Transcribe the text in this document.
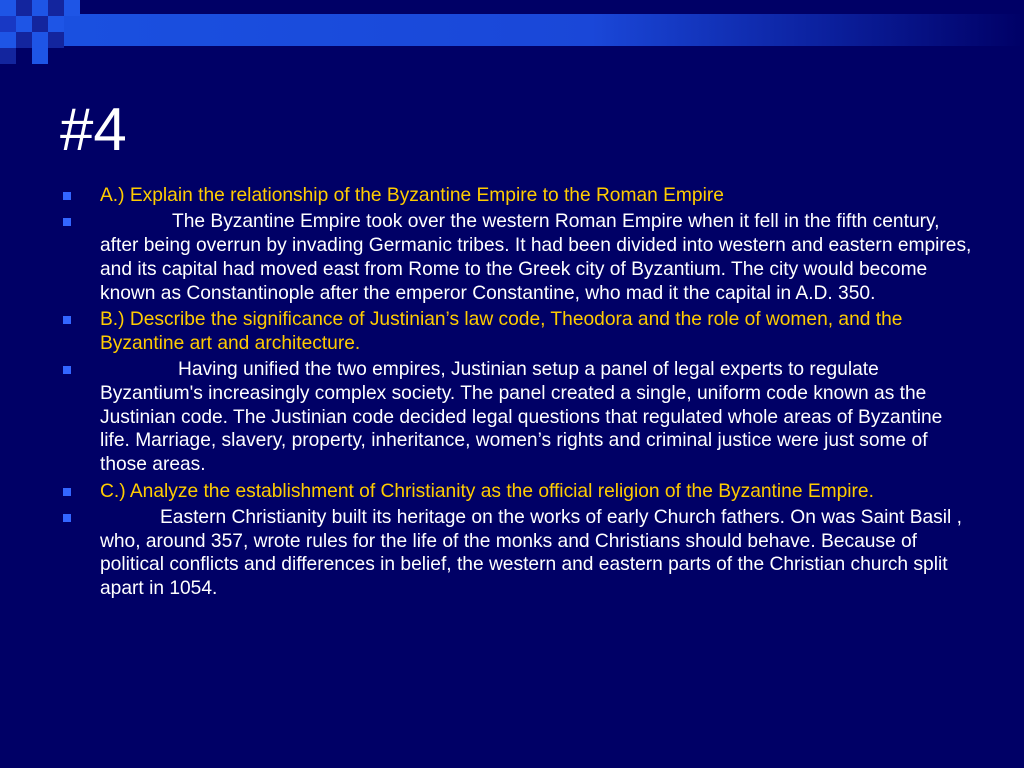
#4
A.) Explain the relationship of the Byzantine Empire to the Roman Empire
The Byzantine Empire took over the western Roman Empire when it fell in the fifth century, after being overrun by invading Germanic tribes. It had been divided into western and eastern empires, and its capital had moved east from Rome to the Greek city of Byzantium. The city would become known as Constantinople after the emperor Constantine, who mad it the capital in A.D. 350.
B.) Describe the significance of Justinian’s law code, Theodora and the role of women, and the Byzantine art and architecture.
Having unified the two empires, Justinian setup a panel of legal experts to regulate Byzantium's increasingly complex society. The panel created a single, uniform code known as the Justinian code. The Justinian code decided legal questions that regulated whole areas of Byzantine life. Marriage, slavery, property, inheritance, women’s rights and criminal justice were just some of those areas.
C.) Analyze the establishment of Christianity as the official religion of the Byzantine Empire.
Eastern Christianity built its heritage on the works of early Church fathers. On was Saint Basil , who, around 357, wrote rules for the life of the monks and Christians should behave. Because of political conflicts and differences in belief, the western and eastern parts of the Christian church split apart in 1054.
